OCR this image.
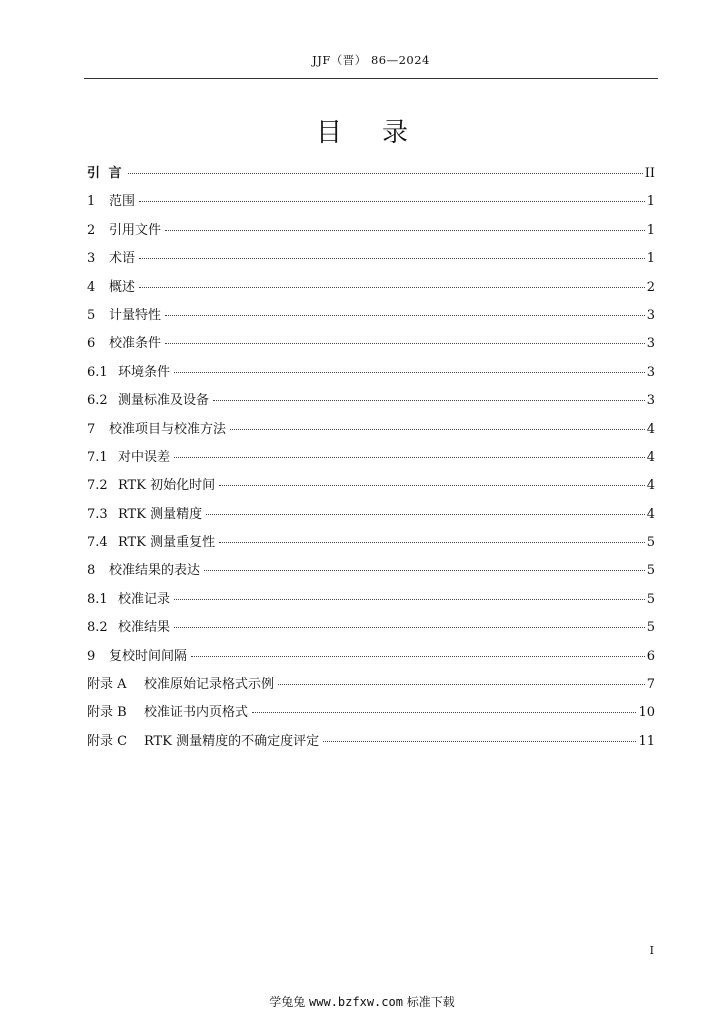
JJF（晋） 86—2024
目录
引 言	II
1	范围	1
2	引用文件	1
3	术语	1
4	概述	2
5	计量特性	3
6	校准条件	3
6.1 环境条件	3
6.2 测量标准及设备	3
7	校准项目与校准方法	4
7.1 对中误差	4
7.2 RTK 初始化时间	4
7.3 RTK 测量精度	4
7.4 RTK 测量重复性	5
8	校准结果的表达	5
8.1 校准记录	5
8.2 校准结果	5
9	复校时间间隔	6
附录 A	校准原始记录格式示例	7
附录 B	校准证书内页格式	10
附录 C	RTK 测量精度的不确定度评定	11
I
学兔兔 www.bzfxw.com 标准下载
